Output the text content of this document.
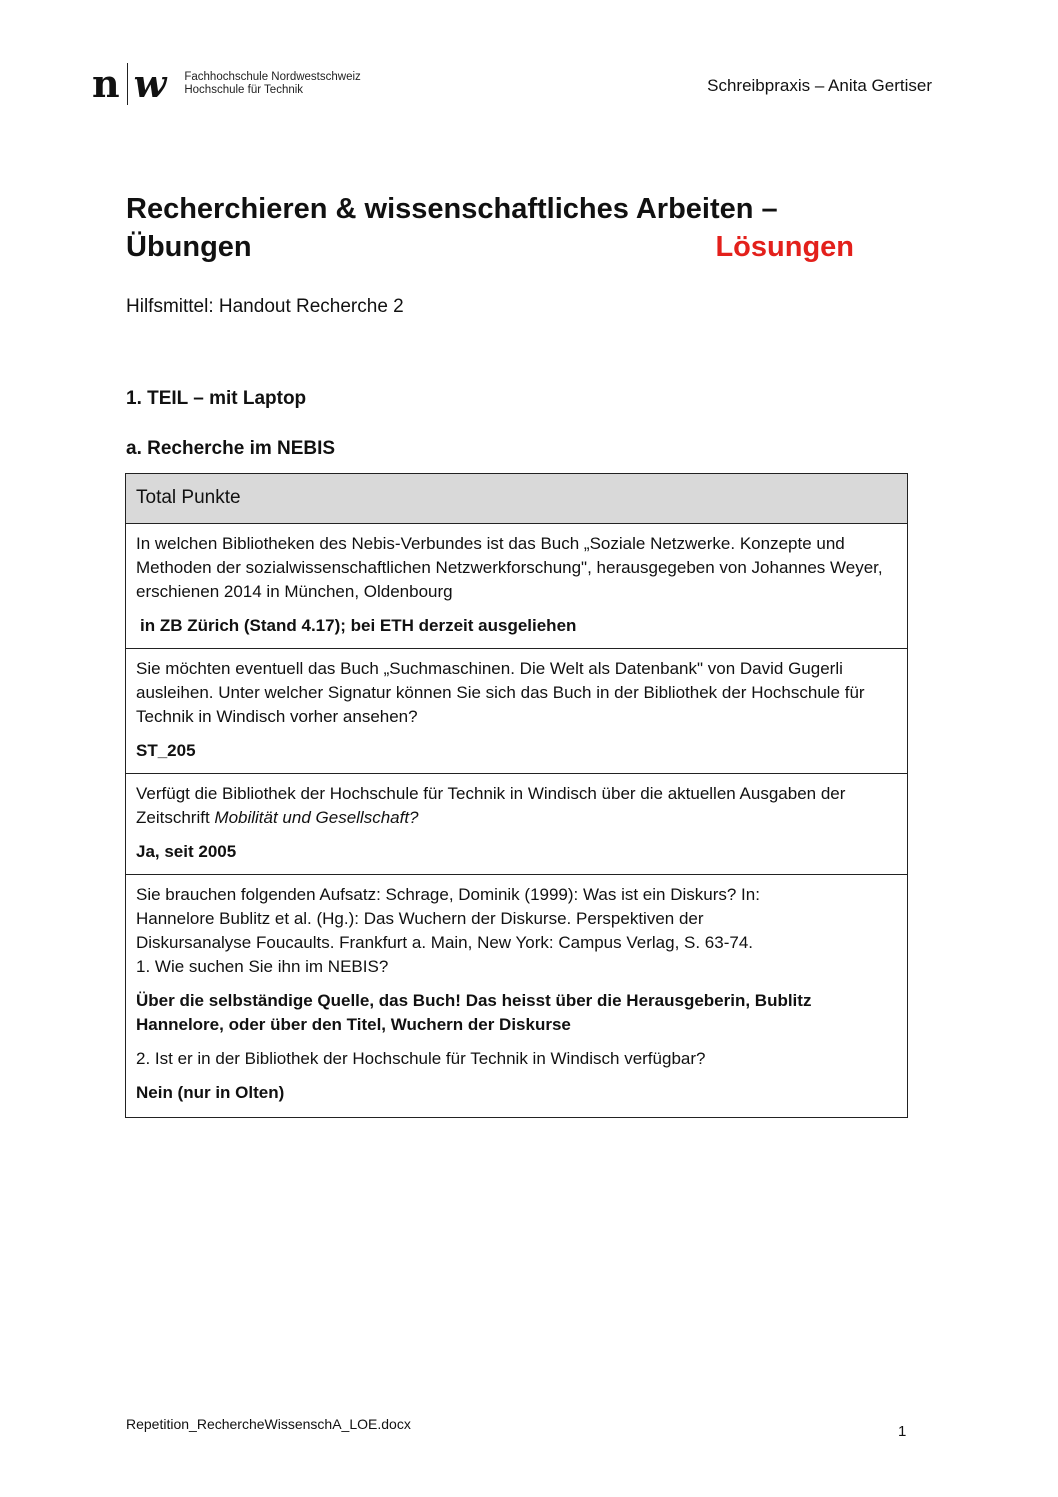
n w Fachhochschule Nordwestschweiz
Hochschule für Technik	Schreibpraxis – Anita Gertiser
Recherchieren & wissenschaftliches Arbeiten –
Übungen	Lösungen
Hilfsmittel: Handout Recherche 2
1. TEIL – mit Laptop
a. Recherche im NEBIS
Total Punkte

In welchen Bibliotheken des Nebis-Verbundes ist das Buch „Soziale Netzwerke. Konzepte und Methoden der sozialwissenschaftlichen Netzwerkforschung", herausgegeben von Johannes Weyer, erschienen 2014 in München, Oldenbourg

in ZB Zürich (Stand 4.17); bei ETH derzeit ausgeliehen

Sie möchten eventuell das Buch „Suchmaschinen. Die Welt als Datenbank" von David Gugerli ausleihen. Unter welcher Signatur können Sie sich das Buch in der Bibliothek der Hochschule für Technik in Windisch vorher ansehen?

ST_205

Verfügt die Bibliothek der Hochschule für Technik in Windisch über die aktuellen Ausgaben der Zeitschrift Mobilität und Gesellschaft?

Ja, seit 2005

Sie brauchen folgenden Aufsatz: Schrage, Dominik (1999): Was ist ein Diskurs? In:

Hannelore Bublitz et al. (Hg.): Das Wuchern der Diskurse. Perspektiven der

Diskursanalyse Foucaults. Frankfurt a. Main, New York: Campus Verlag, S. 63-74.

1. Wie suchen Sie ihn im NEBIS?

Über die selbständige Quelle, das Buch! Das heisst über die Herausgeberin, Bublitz Hannelore, oder über den Titel, Wuchern der Diskurse

2. Ist er in der Bibliothek der Hochschule für Technik in Windisch verfügbar?

Nein (nur in Olten)

Repetition_RechercheWissenschA_LOE.docx	1
